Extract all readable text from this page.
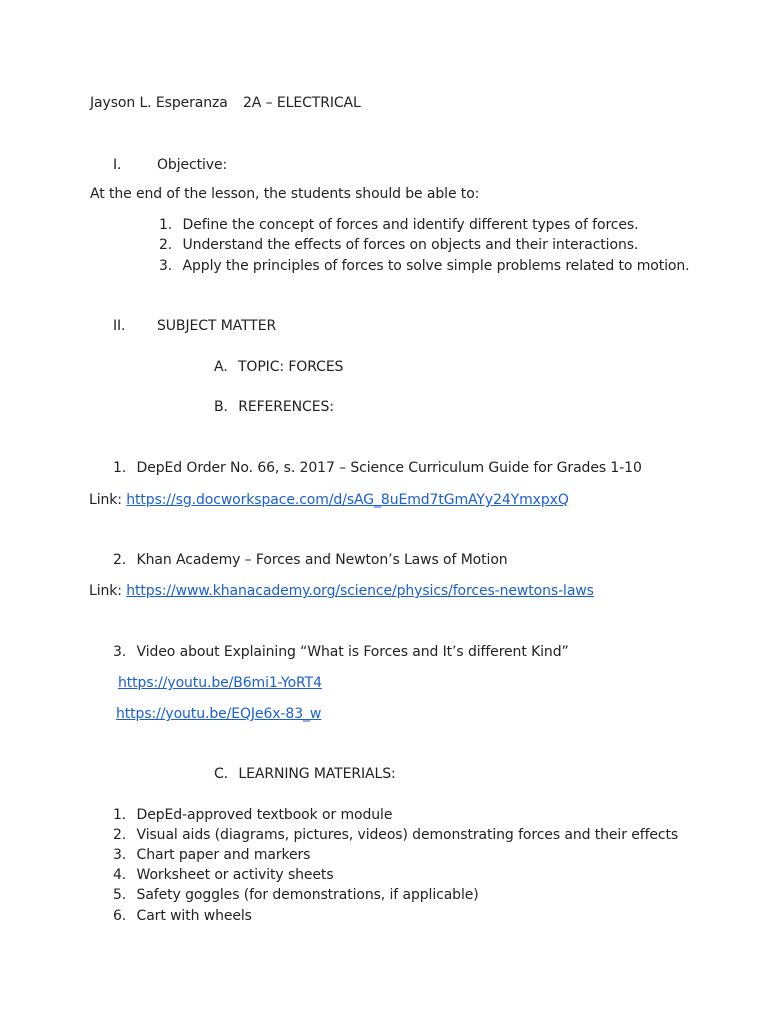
Jayson L. Esperanza 2A – ELECTRICAL
I.	Objective:
At the end of the lesson, the students should be able to:
1. Define the concept of forces and identify different types of forces.
2. Understand the effects of forces on objects and their interactions.
3. Apply the principles of forces to solve simple problems related to motion.
II. SUBJECT MATTER
A. TOPIC: FORCES
B. REFERENCES:
1. DepEd Order No. 66, s. 2017 – Science Curriculum Guide for Grades 1-10
Link: https://sg.docworkspace.com/d/sAG_8uEmd7tGmAYy24YmxpxQ
2. Khan Academy – Forces and Newton’s Laws of Motion
Link: https://www.khanacademy.org/science/physics/forces-newtons-laws
3. Video about Explaining “What is Forces and It’s different Kind”
https://youtu.be/B6mi1-YoRT4
https://youtu.be/EQJe6x-83_w
C. LEARNING MATERIALS:
1. DepEd-approved textbook or module
2. Visual aids (diagrams, pictures, videos) demonstrating forces and their effects
3. Chart paper and markers
4. Worksheet or activity sheets
5. Safety goggles (for demonstrations, if applicable)
6. Cart with wheels
